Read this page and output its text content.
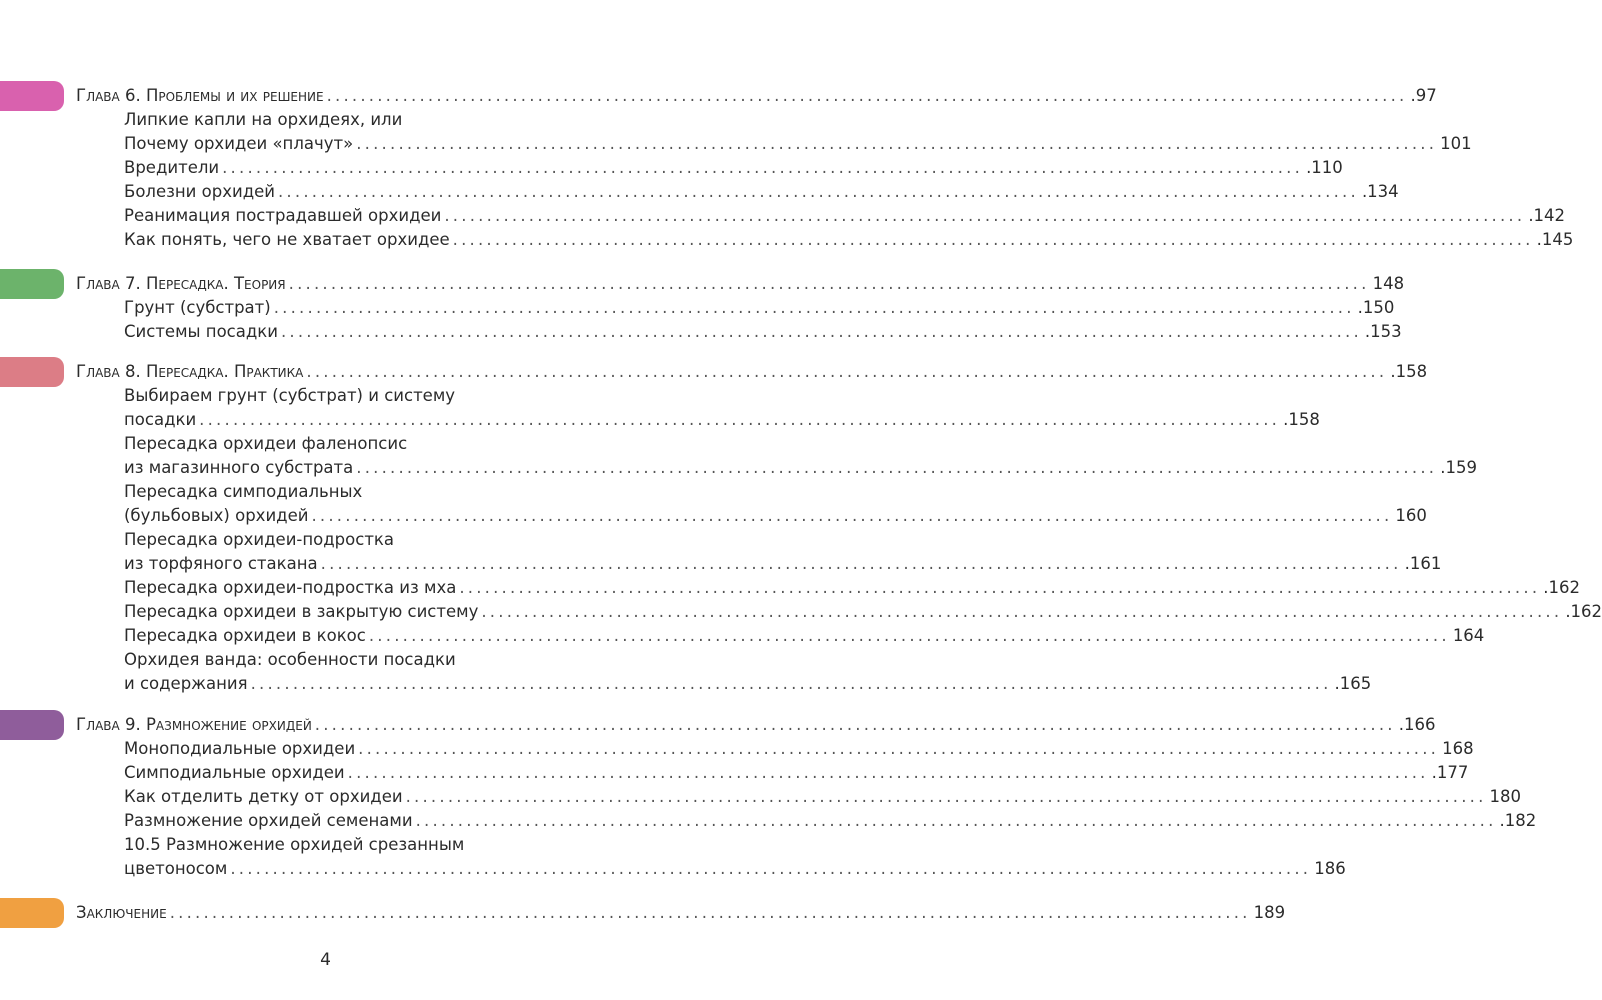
Глава 6. Проблемы и их решение ................................................................................................................................ .97
Липкие капли на орхидеях, или
Почему орхидеи «плачут» ................................................................................................................................ 101
Вредители ................................................................................................................................ .110
Болезни орхидей ................................................................................................................................ .134
Реанимация пострадавшей орхидеи ................................................................................................................................ .142
Как понять, чего не хватает орхидее ................................................................................................................................ .145
Глава 7. Пересадка. Теория ................................................................................................................................ 148
Грунт (субстрат) ................................................................................................................................ .150
Системы посадки ................................................................................................................................ .153
Глава 8. Пересадка. Практика ................................................................................................................................ .158
Выбираем грунт (субстрат) и систему
посадки ................................................................................................................................ .158
Пересадка орхидеи фаленопсис
из магазинного субстрата ................................................................................................................................ .159
Пересадка симподиальных
(бульбовых) орхидей ................................................................................................................................ 160
Пересадка орхидеи-подростка
из торфяного стакана ................................................................................................................................ .161
Пересадка орхидеи-подростка из мха ................................................................................................................................ .162
Пересадка орхидеи в закрытую систему ................................................................................................................................ .162
Пересадка орхидеи в кокос ................................................................................................................................ 164
Орхидея ванда: особенности посадки
и содержания ................................................................................................................................ .165
Глава 9. Размножение орхидей ................................................................................................................................ .166
Моноподиальные орхидеи ................................................................................................................................ 168
Симподиальные орхидеи ................................................................................................................................ .177
Как отделить детку от орхидеи ................................................................................................................................ 180
Размножение орхидей семенами ................................................................................................................................ .182
10.5 Размножение орхидей срезанным
цветоносом ................................................................................................................................ 186
Заключение ................................................................................................................................ 189
4
